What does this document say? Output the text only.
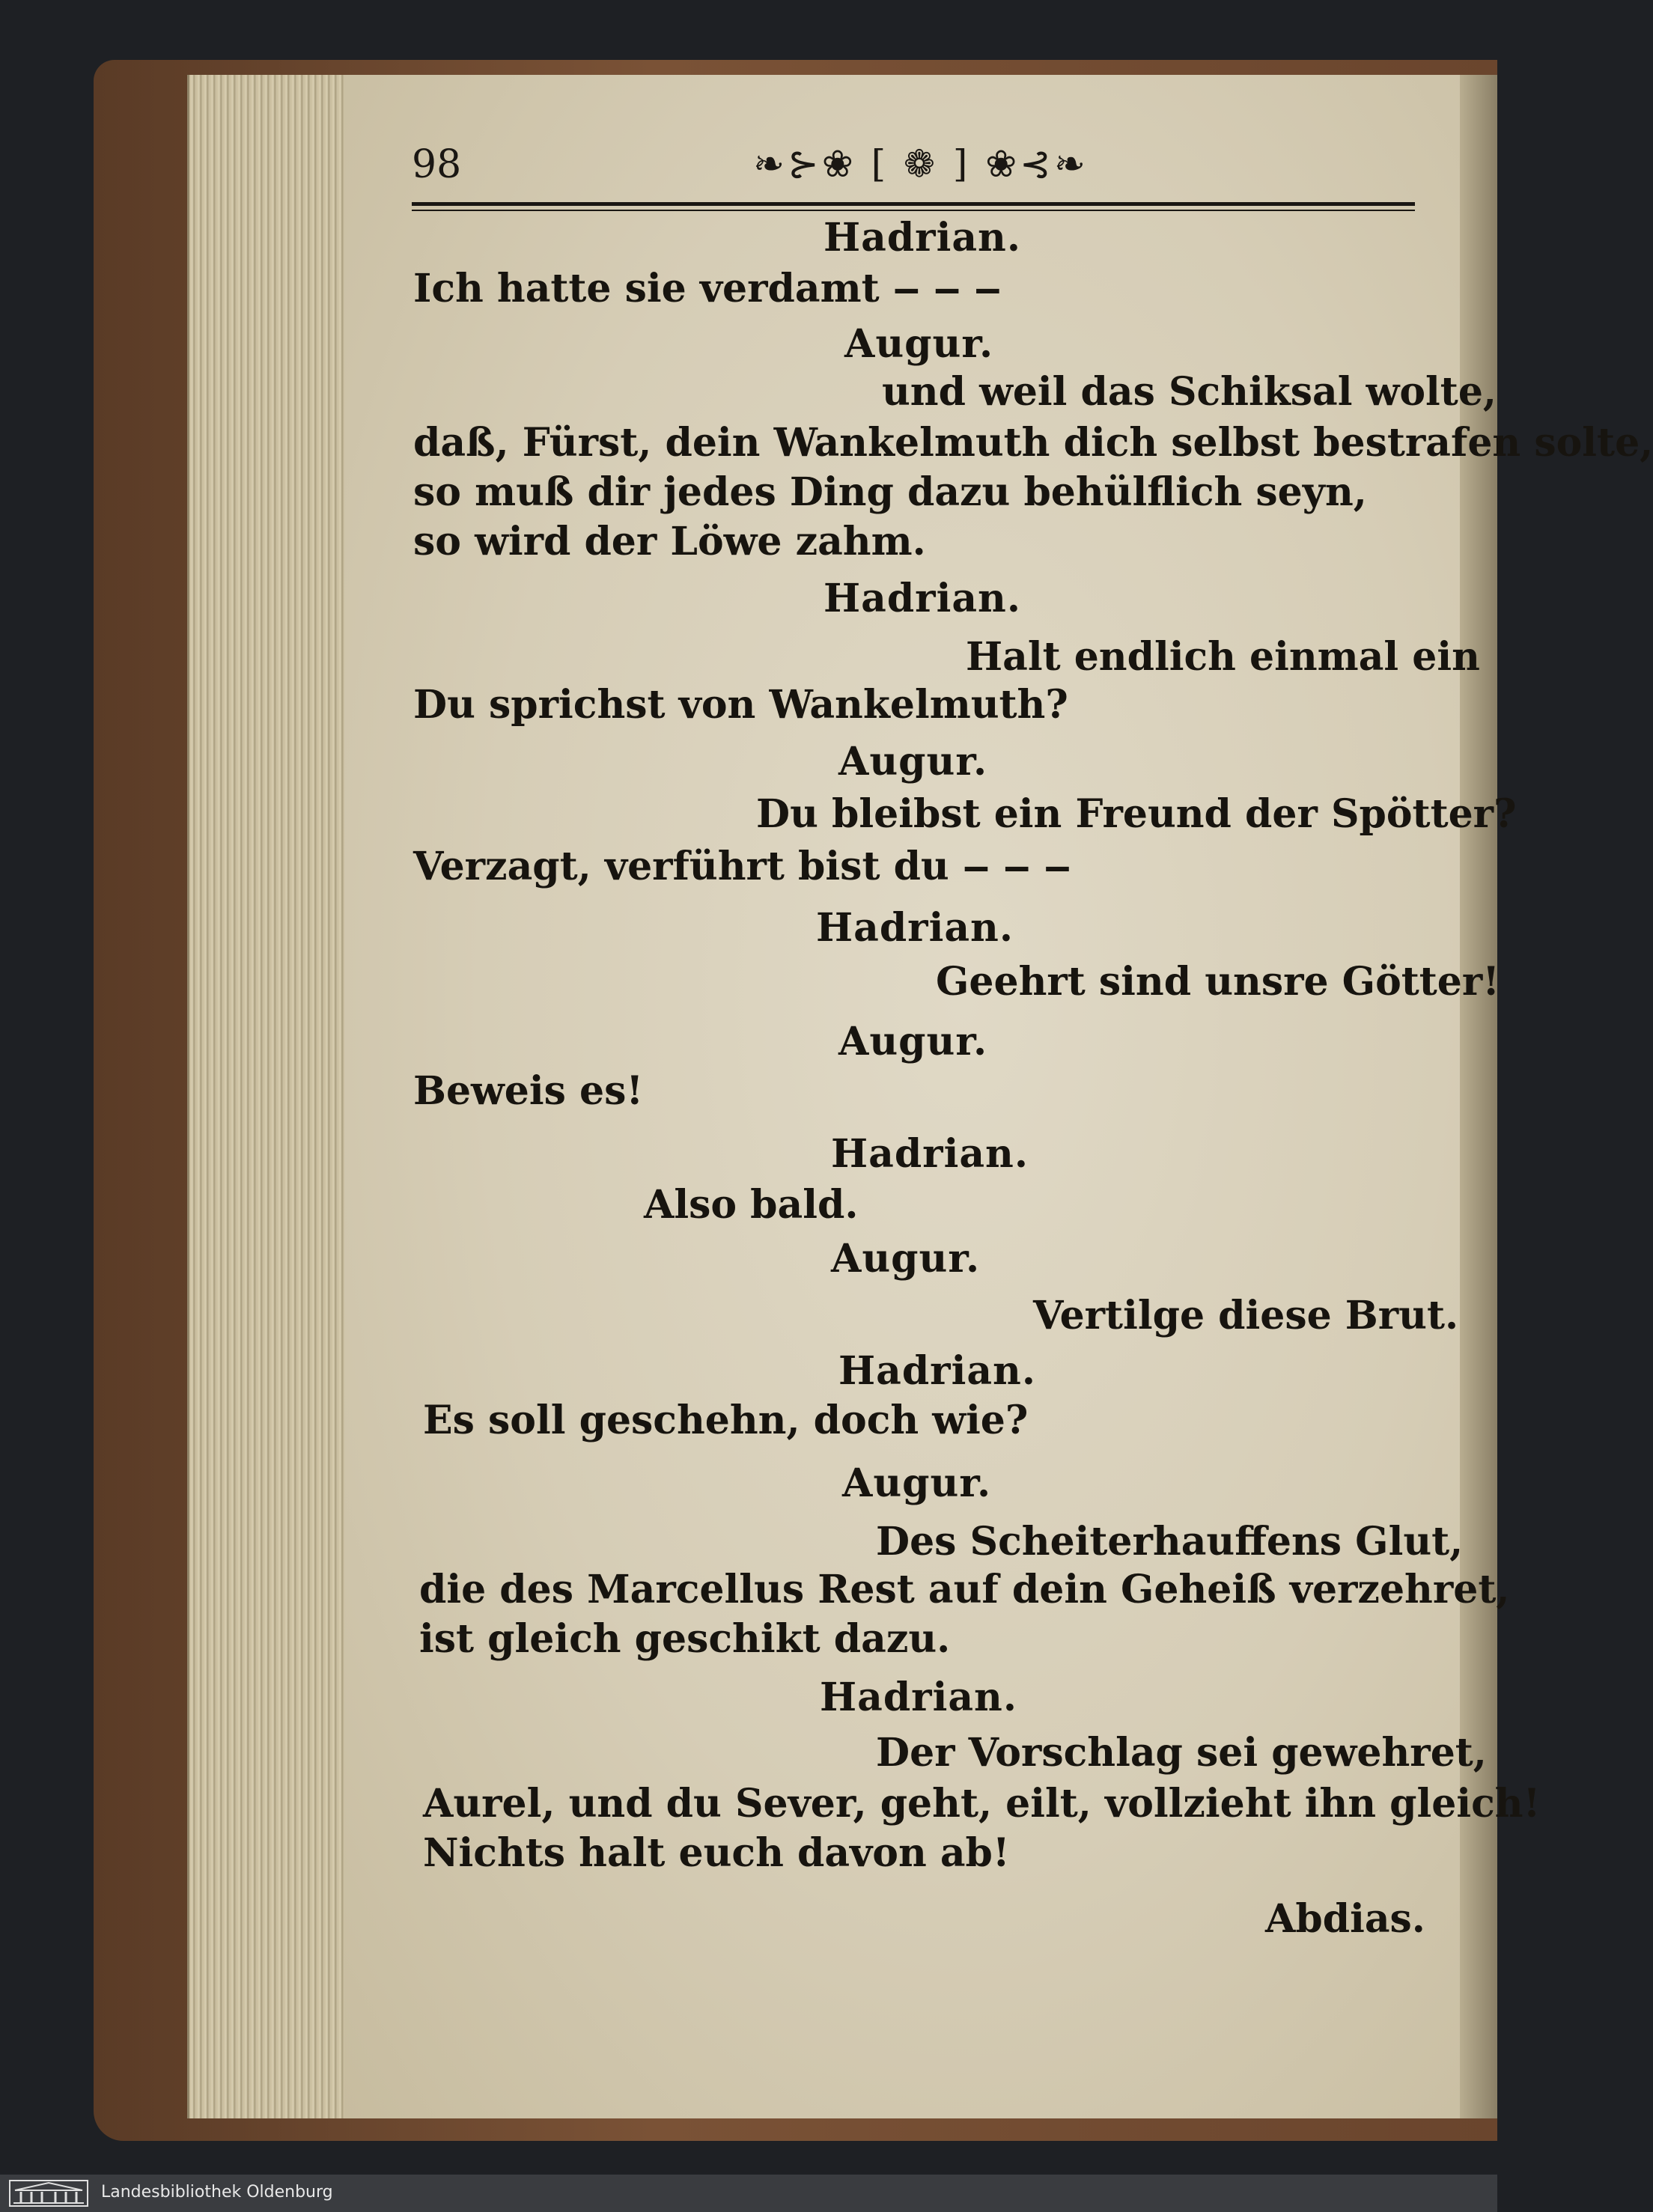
98	❧⊱❀ [ ❁ ] ❀⊰❧
Hadrian.
Ich hatte sie verdamt ‒ ‒ ‒
Augur.
und weil das Schiksal wolte,
daß, Fürst, dein Wankelmuth dich selbst bestrafen solte,
so muß dir jedes Ding dazu behülflich seyn,
so wird der Löwe zahm.
Hadrian.
Halt endlich einmal ein
Du sprichst von Wankelmuth?
Augur.
Du bleibst ein Freund der Spötter?
Verzagt, verführt bist du ‒ ‒ ‒
Hadrian.
Geehrt sind unsre Götter!
Augur.
Beweis es!
Hadrian.
Also bald.
Augur.
Vertilge diese Brut.
Hadrian.
Es soll geschehn, doch wie?
Augur.
Des Scheiterhauffens Glut,
die des Marcellus Rest auf dein Geheiß verzehret,
ist gleich geschikt dazu.
Hadrian.
Der Vorschlag sei gewehret,
Aurel, und du Sever, geht, eilt, vollzieht ihn gleich!
Nichts halt euch davon ab!
Abdias.
Landesbibliothek Oldenburg
